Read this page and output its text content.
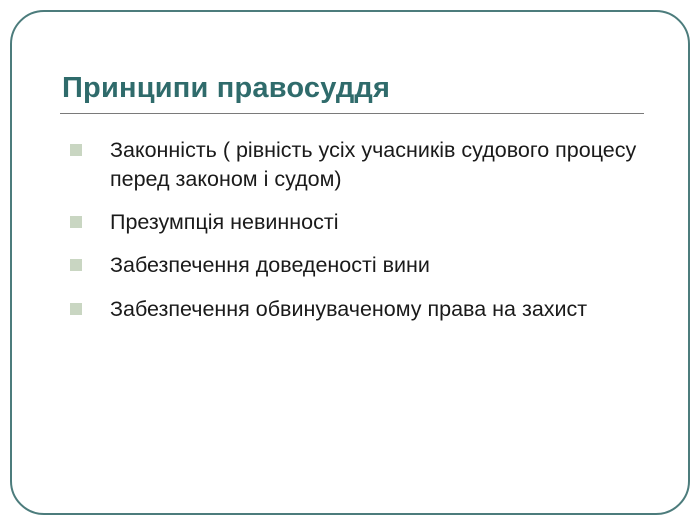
Принципи правосуддя
Законність ( рівність усіх учасників судового процесу перед законом і судом)
Презумпція невинності
Забезпечення доведеності вини
Забезпечення обвинуваченому права на захист
